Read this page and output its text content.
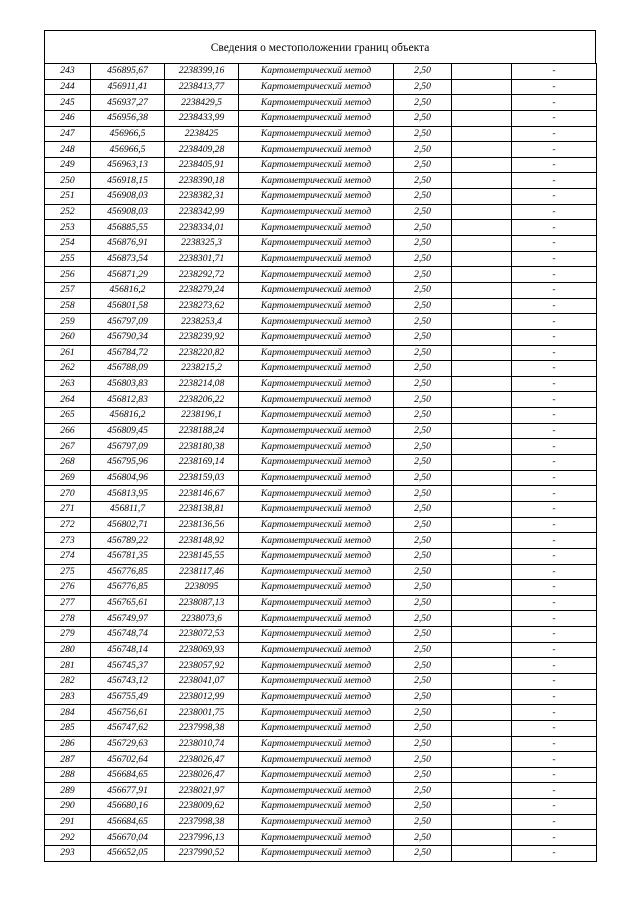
Сведения о местоположении границ объекта
243	456895,67	2238399,16	Картометрический метод	2,50		-
244	456911,41	2238413,77	Картометрический метод	2,50		-
245	456937,27	2238429,5	Картометрический метод	2,50		-
246	456956,38	2238433,99	Картометрический метод	2,50		-
247	456966,5	2238425	Картометрический метод	2,50		-
248	456966,5	2238409,28	Картометрический метод	2,50		-
249	456963,13	2238405,91	Картометрический метод	2,50		-
250	456918,15	2238390,18	Картометрический метод	2,50		-
251	456908,03	2238382,31	Картометрический метод	2,50		-
252	456908,03	2238342,99	Картометрический метод	2,50		-
253	456885,55	2238334,01	Картометрический метод	2,50		-
254	456876,91	2238325,3	Картометрический метод	2,50		-
255	456873,54	2238301,71	Картометрический метод	2,50		-
256	456871,29	2238292,72	Картометрический метод	2,50		-
257	456816,2	2238279,24	Картометрический метод	2,50		-
258	456801,58	2238273,62	Картометрический метод	2,50		-
259	456797,09	2238253,4	Картометрический метод	2,50		-
260	456790,34	2238239,92	Картометрический метод	2,50		-
261	456784,72	2238220,82	Картометрический метод	2,50		-
262	456788,09	2238215,2	Картометрический метод	2,50		-
263	456803,83	2238214,08	Картометрический метод	2,50		-
264	456812,83	2238206,22	Картометрический метод	2,50		-
265	456816,2	2238196,1	Картометрический метод	2,50		-
266	456809,45	2238188,24	Картометрический метод	2,50		-
267	456797,09	2238180,38	Картометрический метод	2,50		-
268	456795,96	2238169,14	Картометрический метод	2,50		-
269	456804,96	2238159,03	Картометрический метод	2,50		-
270	456813,95	2238146,67	Картометрический метод	2,50		-
271	456811,7	2238138,81	Картометрический метод	2,50		-
272	456802,71	2238136,56	Картометрический метод	2,50		-
273	456789,22	2238148,92	Картометрический метод	2,50		-
274	456781,35	2238145,55	Картометрический метод	2,50		-
275	456776,85	2238117,46	Картометрический метод	2,50		-
276	456776,85	2238095	Картометрический метод	2,50		-
277	456765,61	2238087,13	Картометрический метод	2,50		-
278	456749,97	2238073,6	Картометрический метод	2,50		-
279	456748,74	2238072,53	Картометрический метод	2,50		-
280	456748,14	2238069,93	Картометрический метод	2,50		-
281	456745,37	2238057,92	Картометрический метод	2,50		-
282	456743,12	2238041,07	Картометрический метод	2,50		-
283	456755,49	2238012,99	Картометрический метод	2,50		-
284	456756,61	2238001,75	Картометрический метод	2,50		-
285	456747,62	2237998,38	Картометрический метод	2,50		-
286	456729,63	2238010,74	Картометрический метод	2,50		-
287	456702,64	2238026,47	Картометрический метод	2,50		-
288	456684,65	2238026,47	Картометрический метод	2,50		-
289	456677,91	2238021,97	Картометрический метод	2,50		-
290	456680,16	2238009,62	Картометрический метод	2,50		-
291	456684,65	2237998,38	Картометрический метод	2,50		-
292	456670,04	2237996,13	Картометрический метод	2,50		-
293	456652,05	2237990,52	Картометрический метод	2,50		-
